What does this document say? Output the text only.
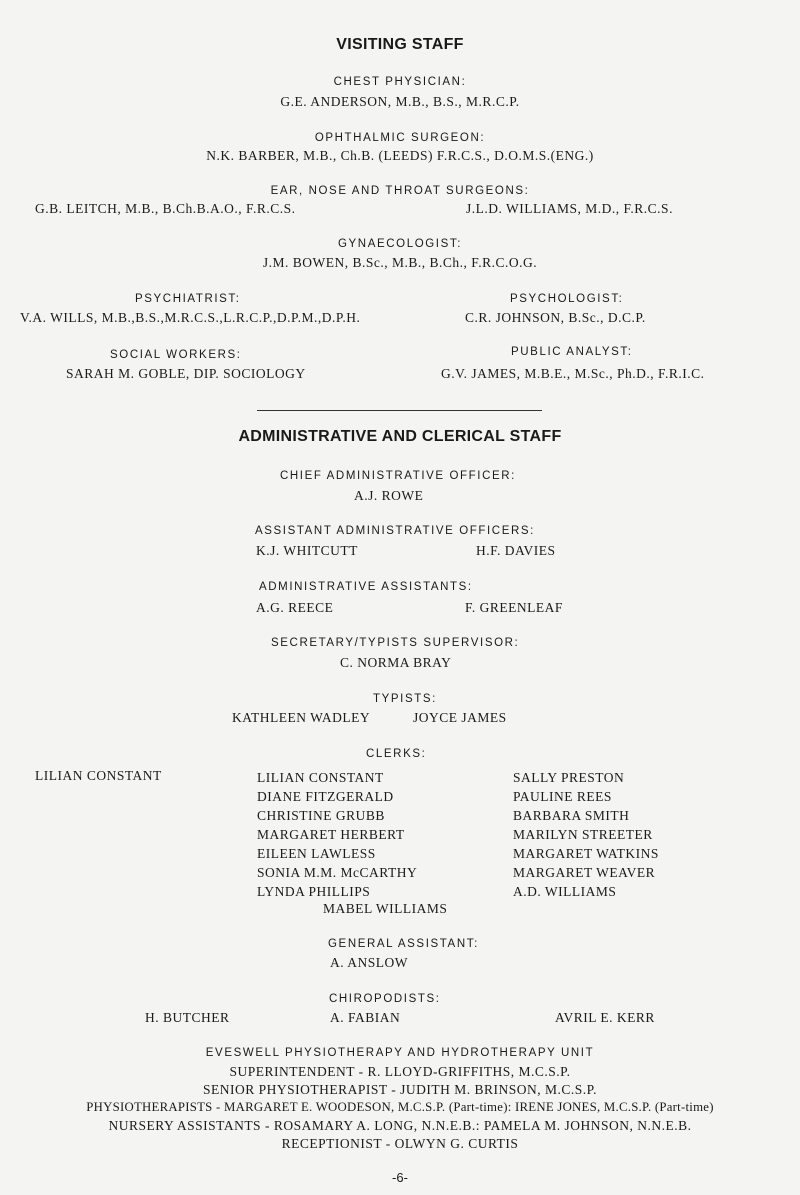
VISITING STAFF
CHEST PHYSICIAN:
G.E. ANDERSON, M.B., B.S., M.R.C.P.
OPHTHALMIC SURGEON:
N.K. BARBER, M.B., Ch.B. (LEEDS) F.R.C.S., D.O.M.S.(ENG.)
EAR, NOSE AND THROAT SURGEONS:
G.B. LEITCH, M.B., B.Ch.B.A.O., F.R.C.S.	J.L.D. WILLIAMS, M.D., F.R.C.S.
GYNAECOLOGIST:
J.M. BOWEN, B.Sc., M.B., B.Ch., F.R.C.O.G.
PSYCHIATRIST:
V.A. WILLS, M.B.,B.S.,M.R.C.S.,L.R.C.P.,D.P.M.,D.P.H.
PSYCHOLOGIST:
C.R. JOHNSON, B.Sc., D.C.P.
SOCIAL WORKERS:
SARAH M. GOBLE, DIP. SOCIOLOGY
PUBLIC ANALYST:
G.V. JAMES, M.B.E., M.Sc., Ph.D., F.R.I.C.
ADMINISTRATIVE AND CLERICAL STAFF
CHIEF ADMINISTRATIVE OFFICER:
A.J. ROWE
ASSISTANT ADMINISTRATIVE OFFICERS:
K.J. WHITCUTT	H.F. DAVIES
ADMINISTRATIVE ASSISTANTS:
A.G. REECE	F. GREENLEAF
SECRETARY/TYPISTS SUPERVISOR:
C. NORMA BRAY
TYPISTS:
KATHLEEN WADLEY	JOYCE JAMES
CLERKS:
LILIAN CONSTANT	LILIAN CONSTANT
DIANE FITZGERALD
CHRISTINE GRUBB
MARGARET HERBERT
EILEEN LAWLESS
SONIA M.M. McCARTHY
LYNDA PHILLIPS
SALLY PRESTON
PAULINE REES
BARBARA SMITH
MARILYN STREETER
MARGARET WATKINS
MARGARET WEAVER
A.D. WILLIAMS
MABEL WILLIAMS
GENERAL ASSISTANT:
A. ANSLOW
CHIROPODISTS:
H. BUTCHER	A. FABIAN	AVRIL E. KERR
EVESWELL PHYSIOTHERAPY AND HYDROTHERAPY UNIT
SUPERINTENDENT - R. LLOYD-GRIFFITHS, M.C.S.P.
SENIOR PHYSIOTHERAPIST - JUDITH M. BRINSON, M.C.S.P.
PHYSIOTHERAPISTS - MARGARET E. WOODESON, M.C.S.P. (Part-time): IRENE JONES, M.C.S.P. (Part-time)
NURSERY ASSISTANTS - ROSAMARY A. LONG, N.N.E.B.: PAMELA M. JOHNSON, N.N.E.B.
RECEPTIONIST - OLWYN G. CURTIS
-6-
